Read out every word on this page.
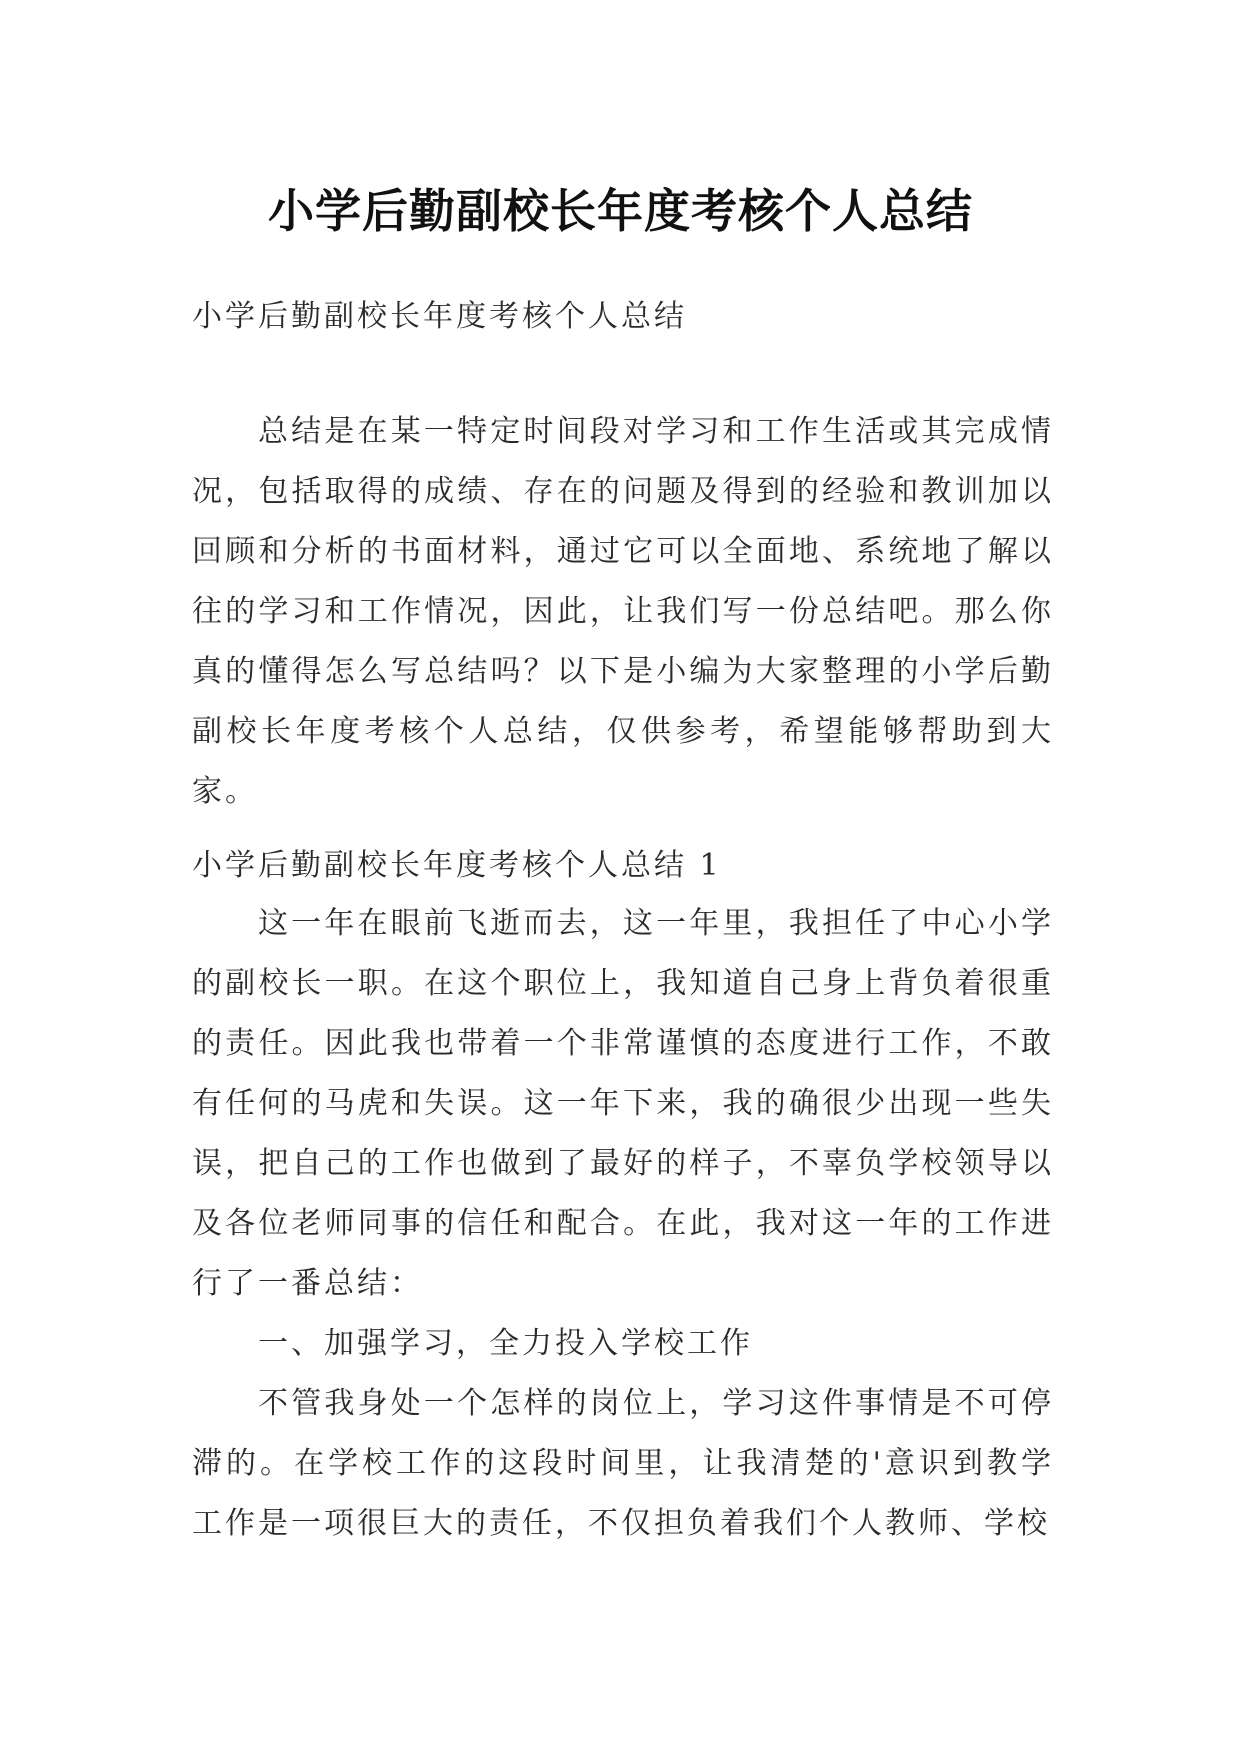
小学后勤副校长年度考核个人总结
小学后勤副校长年度考核个人总结
总结是在某一特定时间段对学习和工作生活或其完成情况，包括取得的成绩、存在的问题及得到的经验和教训加以回顾和分析的书面材料，通过它可以全面地、系统地了解以往的学习和工作情况，因此，让我们写一份总结吧。那么你真的懂得怎么写总结吗？以下是小编为大家整理的小学后勤副校长年度考核个人总结，仅供参考，希望能够帮助到大家。
小学后勤副校长年度考核个人总结 1

这一年在眼前飞逝而去，这一年里，我担任了中心小学的副校长一职。在这个职位上，我知道自己身上背负着很重的责任。因此我也带着一个非常谨慎的态度进行工作，不敢有任何的马虎和失误。这一年下来，我的确很少出现一些失误，把自己的工作也做到了最好的样子，不辜负学校领导以及各位老师同事的信任和配合。在此，我对这一年的工作进行了一番总结：

一、加强学习，全力投入学校工作

不管我身处一个怎样的岗位上，学习这件事情是不可停滞的。在学校工作的这段时间里，让我清楚的'意识到教学工作是一项很巨大的责任，不仅担负着我们个人教师、学校
